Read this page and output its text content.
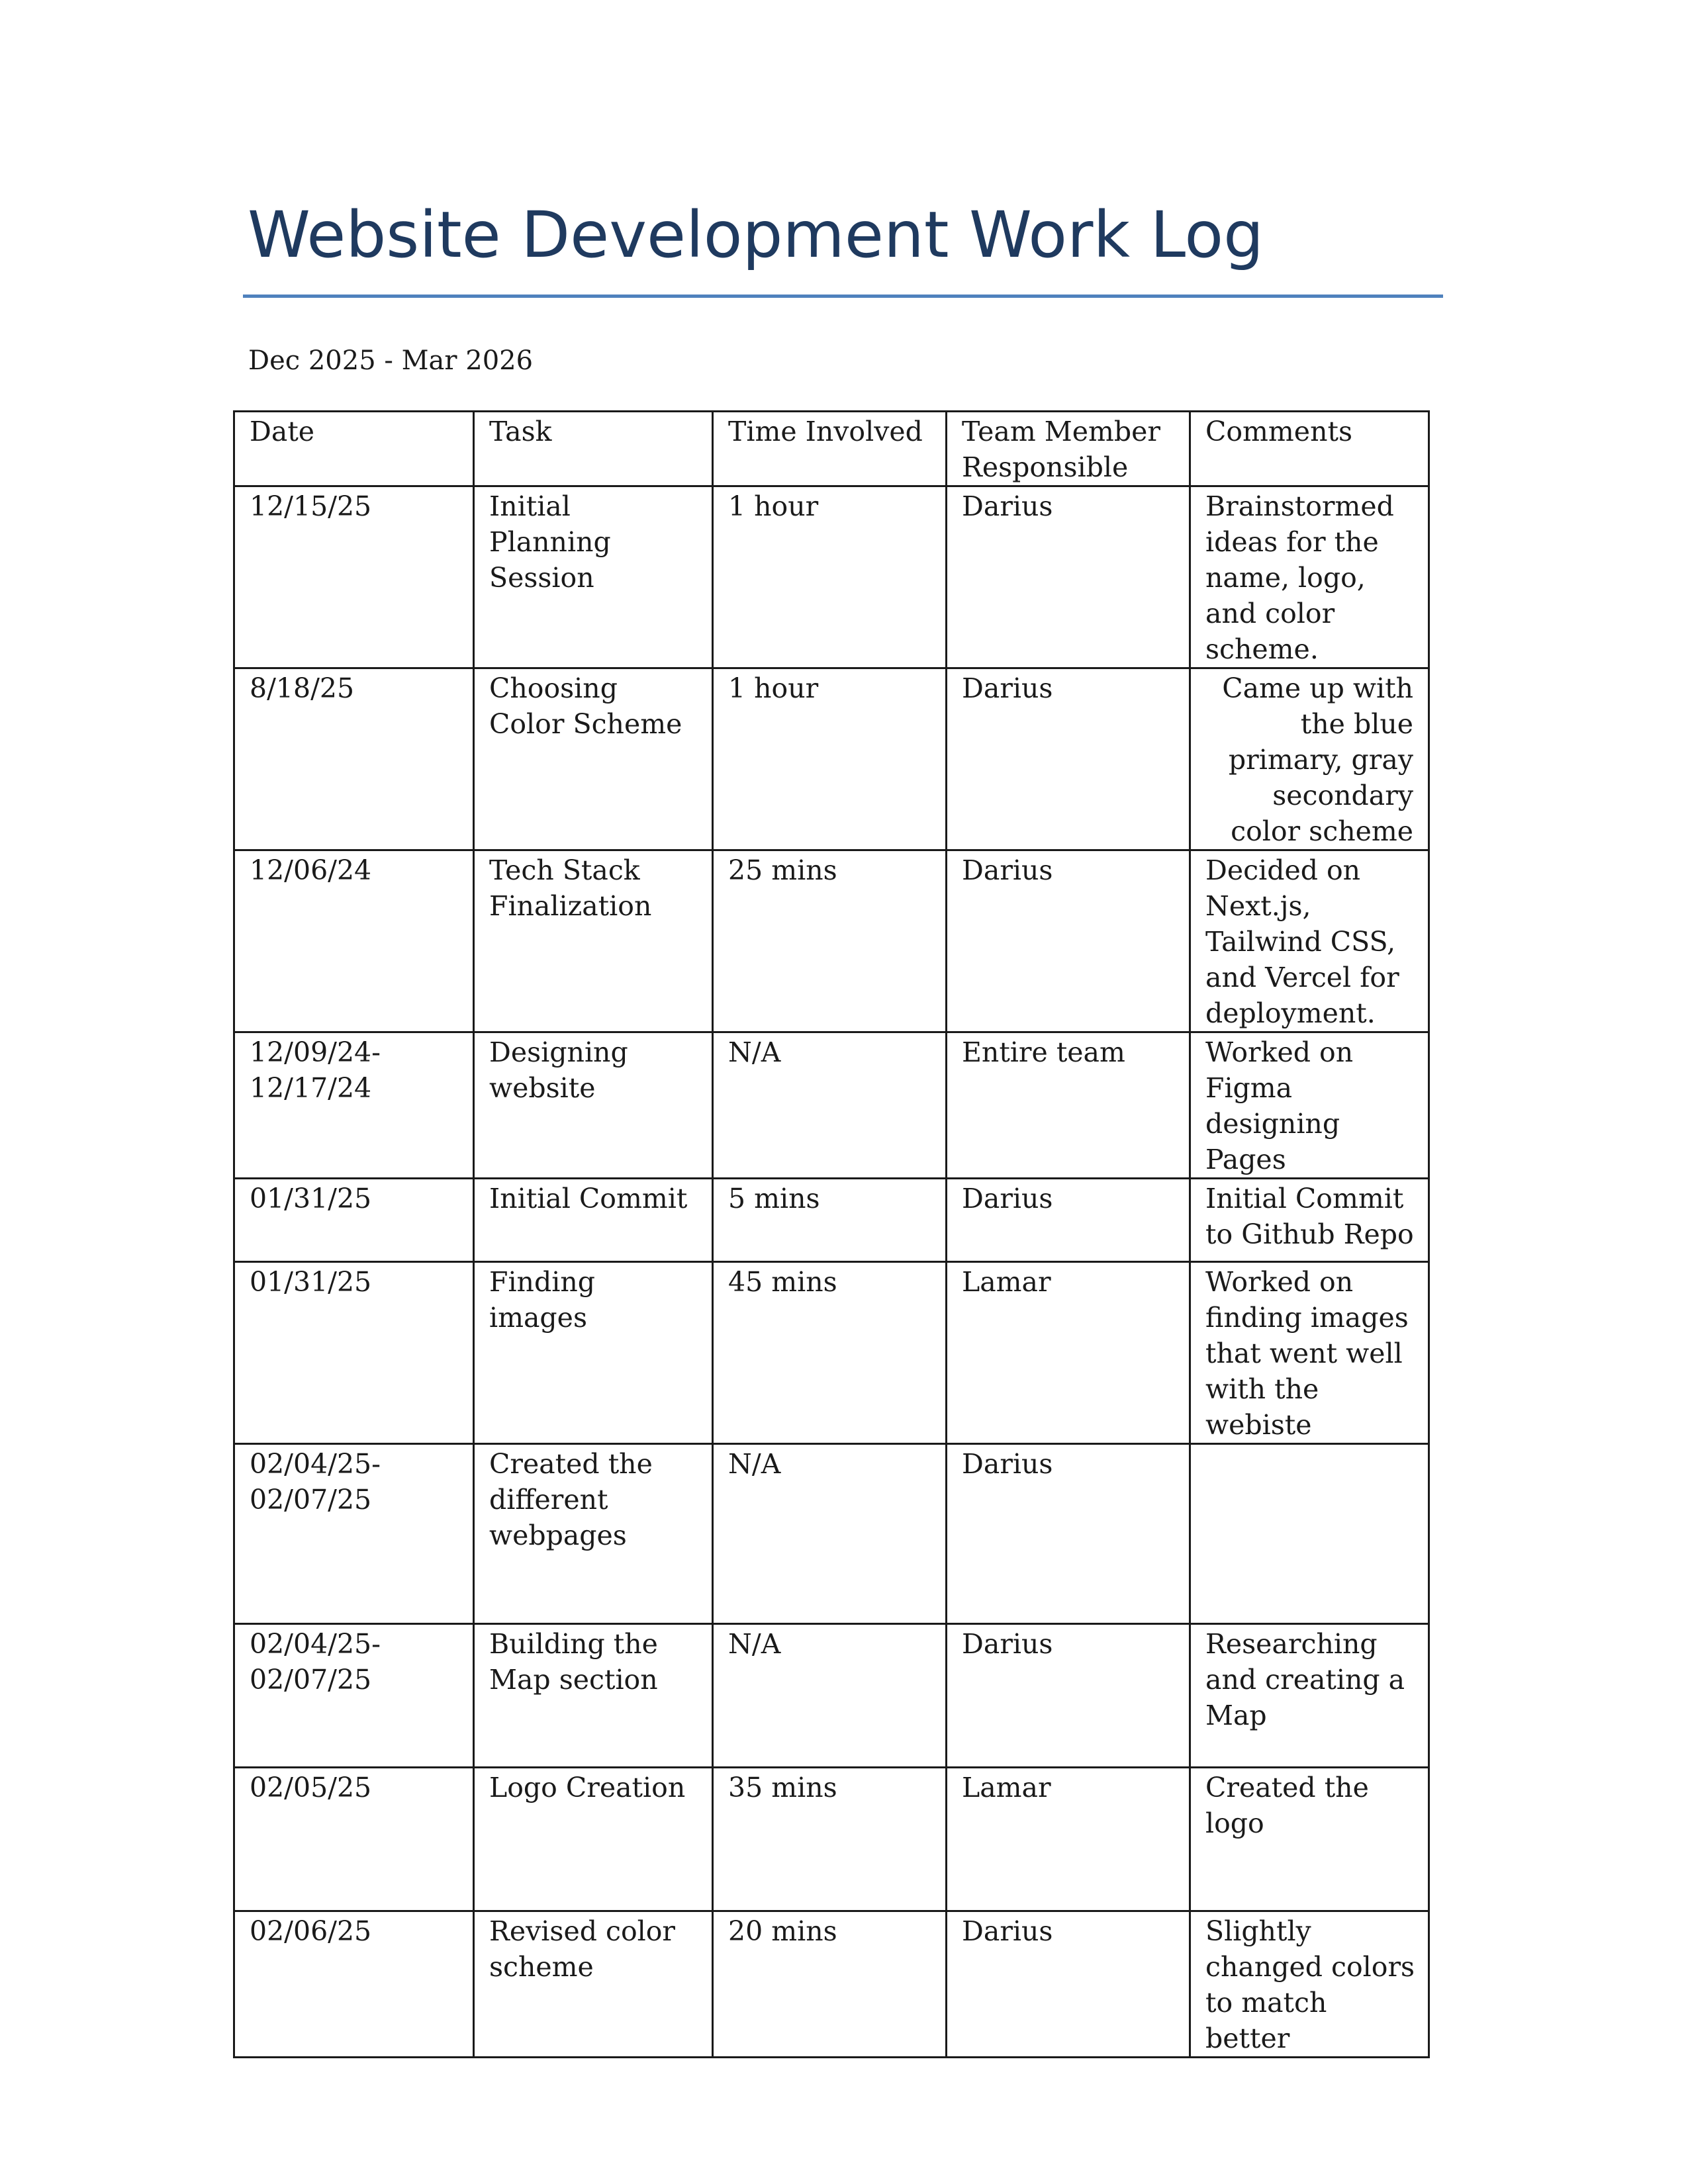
Website Development Work Log
Dec 2025 - Mar 2026
Date	Task	Time Involved	Team Member Responsible	Comments
12/15/25	Initial Planning Session	1 hour	Darius	Brainstormed ideas for the name, logo, and color scheme.
8/18/25	Choosing Color Scheme	1 hour	Darius	Came up with the blue primary, gray secondary color scheme
12/06/24	Tech Stack Finalization	25 mins	Darius	Decided on Next.js, Tailwind CSS, and Vercel for deployment.
12/09/24-12/17/24	Designing website	N/A	Entire team	Worked on Figma designing Pages
01/31/25	Initial Commit	5 mins	Darius	Initial Commit to Github Repo
01/31/25	Finding images	45 mins	Lamar	Worked on finding images that went well with the webiste
02/04/25-02/07/25	Created the different webpages	N/A	Darius	
02/04/25-02/07/25	Building the Map section	N/A	Darius	Researching and creating a Map
02/05/25	Logo Creation	35 mins	Lamar	Created the logo
02/06/25	Revised color scheme	20 mins	Darius	Slightly changed colors to match better
